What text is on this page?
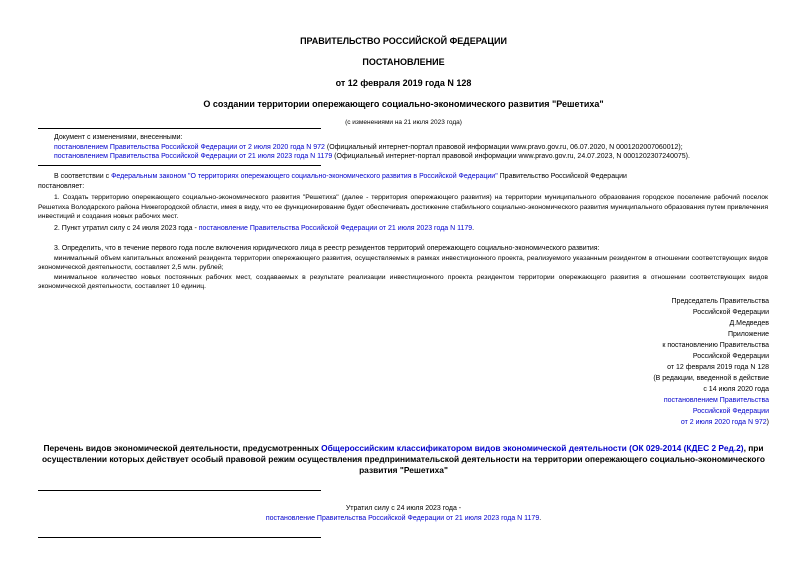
ПРАВИТЕЛЬСТВО РОССИЙСКОЙ ФЕДЕРАЦИИ
ПОСТАНОВЛЕНИЕ
от 12 февраля 2019 года N 128
О создании территории опережающего социально-экономического развития "Решетиха"
(с изменениями на 21 июля 2023 года)
Документ с изменениями, внесенными:
постановлением Правительства Российской Федерации от 2 июля 2020 года N 972 (Официальный интернет-портал правовой информации www.pravo.gov.ru, 06.07.2020, N 0001202007060012);
постановлением Правительства Российской Федерации от 21 июля 2023 года N 1179 (Официальный интернет-портал правовой информации www.pravo.gov.ru, 24.07.2023, N 0001202307240075).
В соответствии с Федеральным законом "О территориях опережающего социально-экономического развития в Российской Федерации" Правительство Российской Федерации
постановляет:
1. Создать территорию опережающего социально-экономического развития "Решетиха" (далее - территория опережающего развития) на территории муниципального образования городское поселение рабочий поселок Решетиха Володарского района Нижегородской области, имея в виду, что ее функционирование будет обеспечивать достижение стабильного социально-экономического развития муниципального образования путем привлечения инвестиций и создания новых рабочих мест.
2. Пункт утратил силу с 24 июля 2023 года - постановление Правительства Российской Федерации от 21 июля 2023 года N 1179.
3. Определить, что в течение первого года после включения юридического лица в реестр резидентов территорий опережающего социально-экономического развития:
минимальный объем капитальных вложений резидента территории опережающего развития, осуществляемых в рамках инвестиционного проекта, реализуемого указанным резидентом в отношении соответствующих видов экономической деятельности, составляет 2,5 млн. рублей;
минимальное количество новых постоянных рабочих мест, создаваемых в результате реализации инвестиционного проекта резидентом территории опережающего развития в отношении соответствующих видов экономической деятельности, составляет 10 единиц.
Председатель Правительства
Российской Федерации
Д.Медведев
Приложение
к постановлению Правительства
Российской Федерации
от 12 февраля 2019 года N 128
(В редакции, введенной в действие
с 14 июля 2020 года
постановлением Правительства
Российской Федерации
от 2 июля 2020 года N 972)
Перечень видов экономической деятельности, предусмотренных Общероссийским классификатором видов экономической деятельности (ОК 029-2014 (КДЕС 2 Ред.2), при осуществлении которых действует особый правовой режим осуществления предпринимательской деятельности на территории опережающего социально-экономического развития "Решетиха"
Утратил силу с 24 июля 2023 года -
постановление Правительства Российской Федерации от 21 июля 2023 года N 1179.
